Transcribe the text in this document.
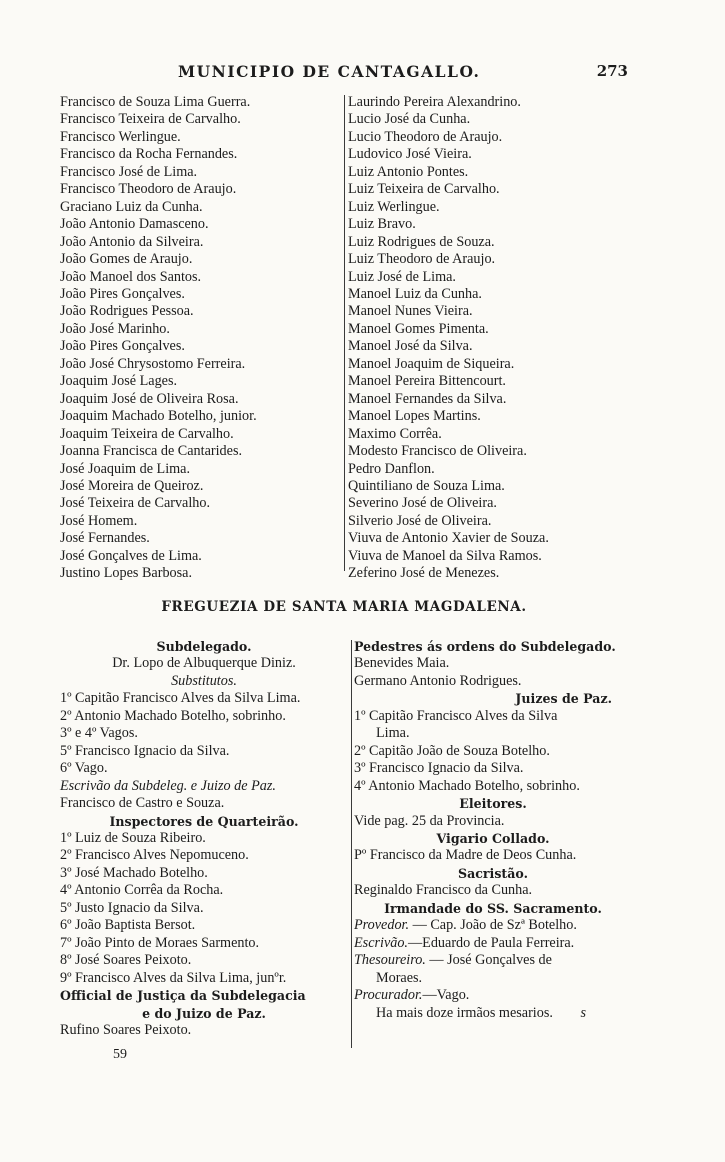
MUNICIPIO DE CANTAGALLO.	273
Francisco de Souza Lima Guerra.
Francisco Teixeira de Carvalho.
Francisco Werlingue.
Francisco da Rocha Fernandes.
Francisco José de Lima.
Francisco Theodoro de Araujo.
Graciano Luiz da Cunha.
João Antonio Damasceno.
João Antonio da Silveira.
João Gomes de Araujo.
João Manoel dos Santos.
João Pires Gonçalves.
João Rodrigues Pessoa.
João José Marinho.
João Pires Gonçalves.
João José Chrysostomo Ferreira.
Joaquim José Lages.
Joaquim José de Oliveira Rosa.
Joaquim Machado Botelho, junior.
Joaquim Teixeira de Carvalho.
Joanna Francisca de Cantarides.
José Joaquim de Lima.
José Moreira de Queiroz.
José Teixeira de Carvalho.
José Homem.
José Fernandes.
José Gonçalves de Lima.
Justino Lopes Barbosa.
Laurindo Pereira Alexandrino.
Lucio José da Cunha.
Lucio Theodoro de Araujo.
Ludovico José Vieira.
Luiz Antonio Pontes.
Luiz Teixeira de Carvalho.
Luiz Werlingue.
Luiz Bravo.
Luiz Rodrigues de Souza.
Luiz Theodoro de Araujo.
Luiz José de Lima.
Manoel Luiz da Cunha.
Manoel Nunes Vieira.
Manoel Gomes Pimenta.
Manoel José da Silva.
Manoel Joaquim de Siqueira.
Manoel Pereira Bittencourt.
Manoel Fernandes da Silva.
Manoel Lopes Martins.
Maximo Corrêa.
Modesto Francisco de Oliveira.
Pedro Danflon.
Quintiliano de Souza Lima.
Severino José de Oliveira.
Silverio José de Oliveira.
Viuva de Antonio Xavier de Souza.
Viuva de Manoel da Silva Ramos.
Zeferino José de Menezes.
FREGUEZIA DE SANTA MARIA MAGDALENA.
Subdelegado.
Dr. Lopo de Albuquerque Diniz.
Substitutos.
1º Capitão Francisco Alves da Silva Lima.
2º Antonio Machado Botelho, sobrinho.
3º e 4º Vagos.
5º Francisco Ignacio da Silva.
6º Vago.
Escrivão da Subdeleg. e Juizo de Paz.
Francisco de Castro e Souza.
Inspectores de Quarteirão.
1º Luiz de Souza Ribeiro.
2º Francisco Alves Nepomuceno.
3º José Machado Botelho.
4º Antonio Corrêa da Rocha.
5º Justo Ignacio da Silva.
6º João Baptista Bersot.
7º João Pinto de Moraes Sarmento.
8º José Soares Peixoto.
9º Francisco Alves da Silva Lima, junºr.
Official de Justiça da Subdelegacia
e do Juizo de Paz.
Rufino Soares Peixoto.
59
Pedestres ás ordens do Subdelegado.
Benevides Maia.
Germano Antonio Rodrigues.
Juizes de Paz.
1º Capitão Francisco Alves da Silva
Lima.
2º Capitão João de Souza Botelho.
3º Francisco Ignacio da Silva.
4º Antonio Machado Botelho, sobrinho.
Eleitores.
Vide pag. 25 da Provincia.
Vigario Collado.
Pº Francisco da Madre de Deos Cunha.
Sacristão.
Reginaldo Francisco da Cunha.
Irmandade do SS. Sacramento.
Provedor. — Cap. João de Szª Botelho.
Escrivão.—Eduardo de Paula Ferreira.
Thesoureiro. — José Gonçalves de
Moraes.
Procurador.—Vago.
Ha mais doze irmãos mesarios. s
